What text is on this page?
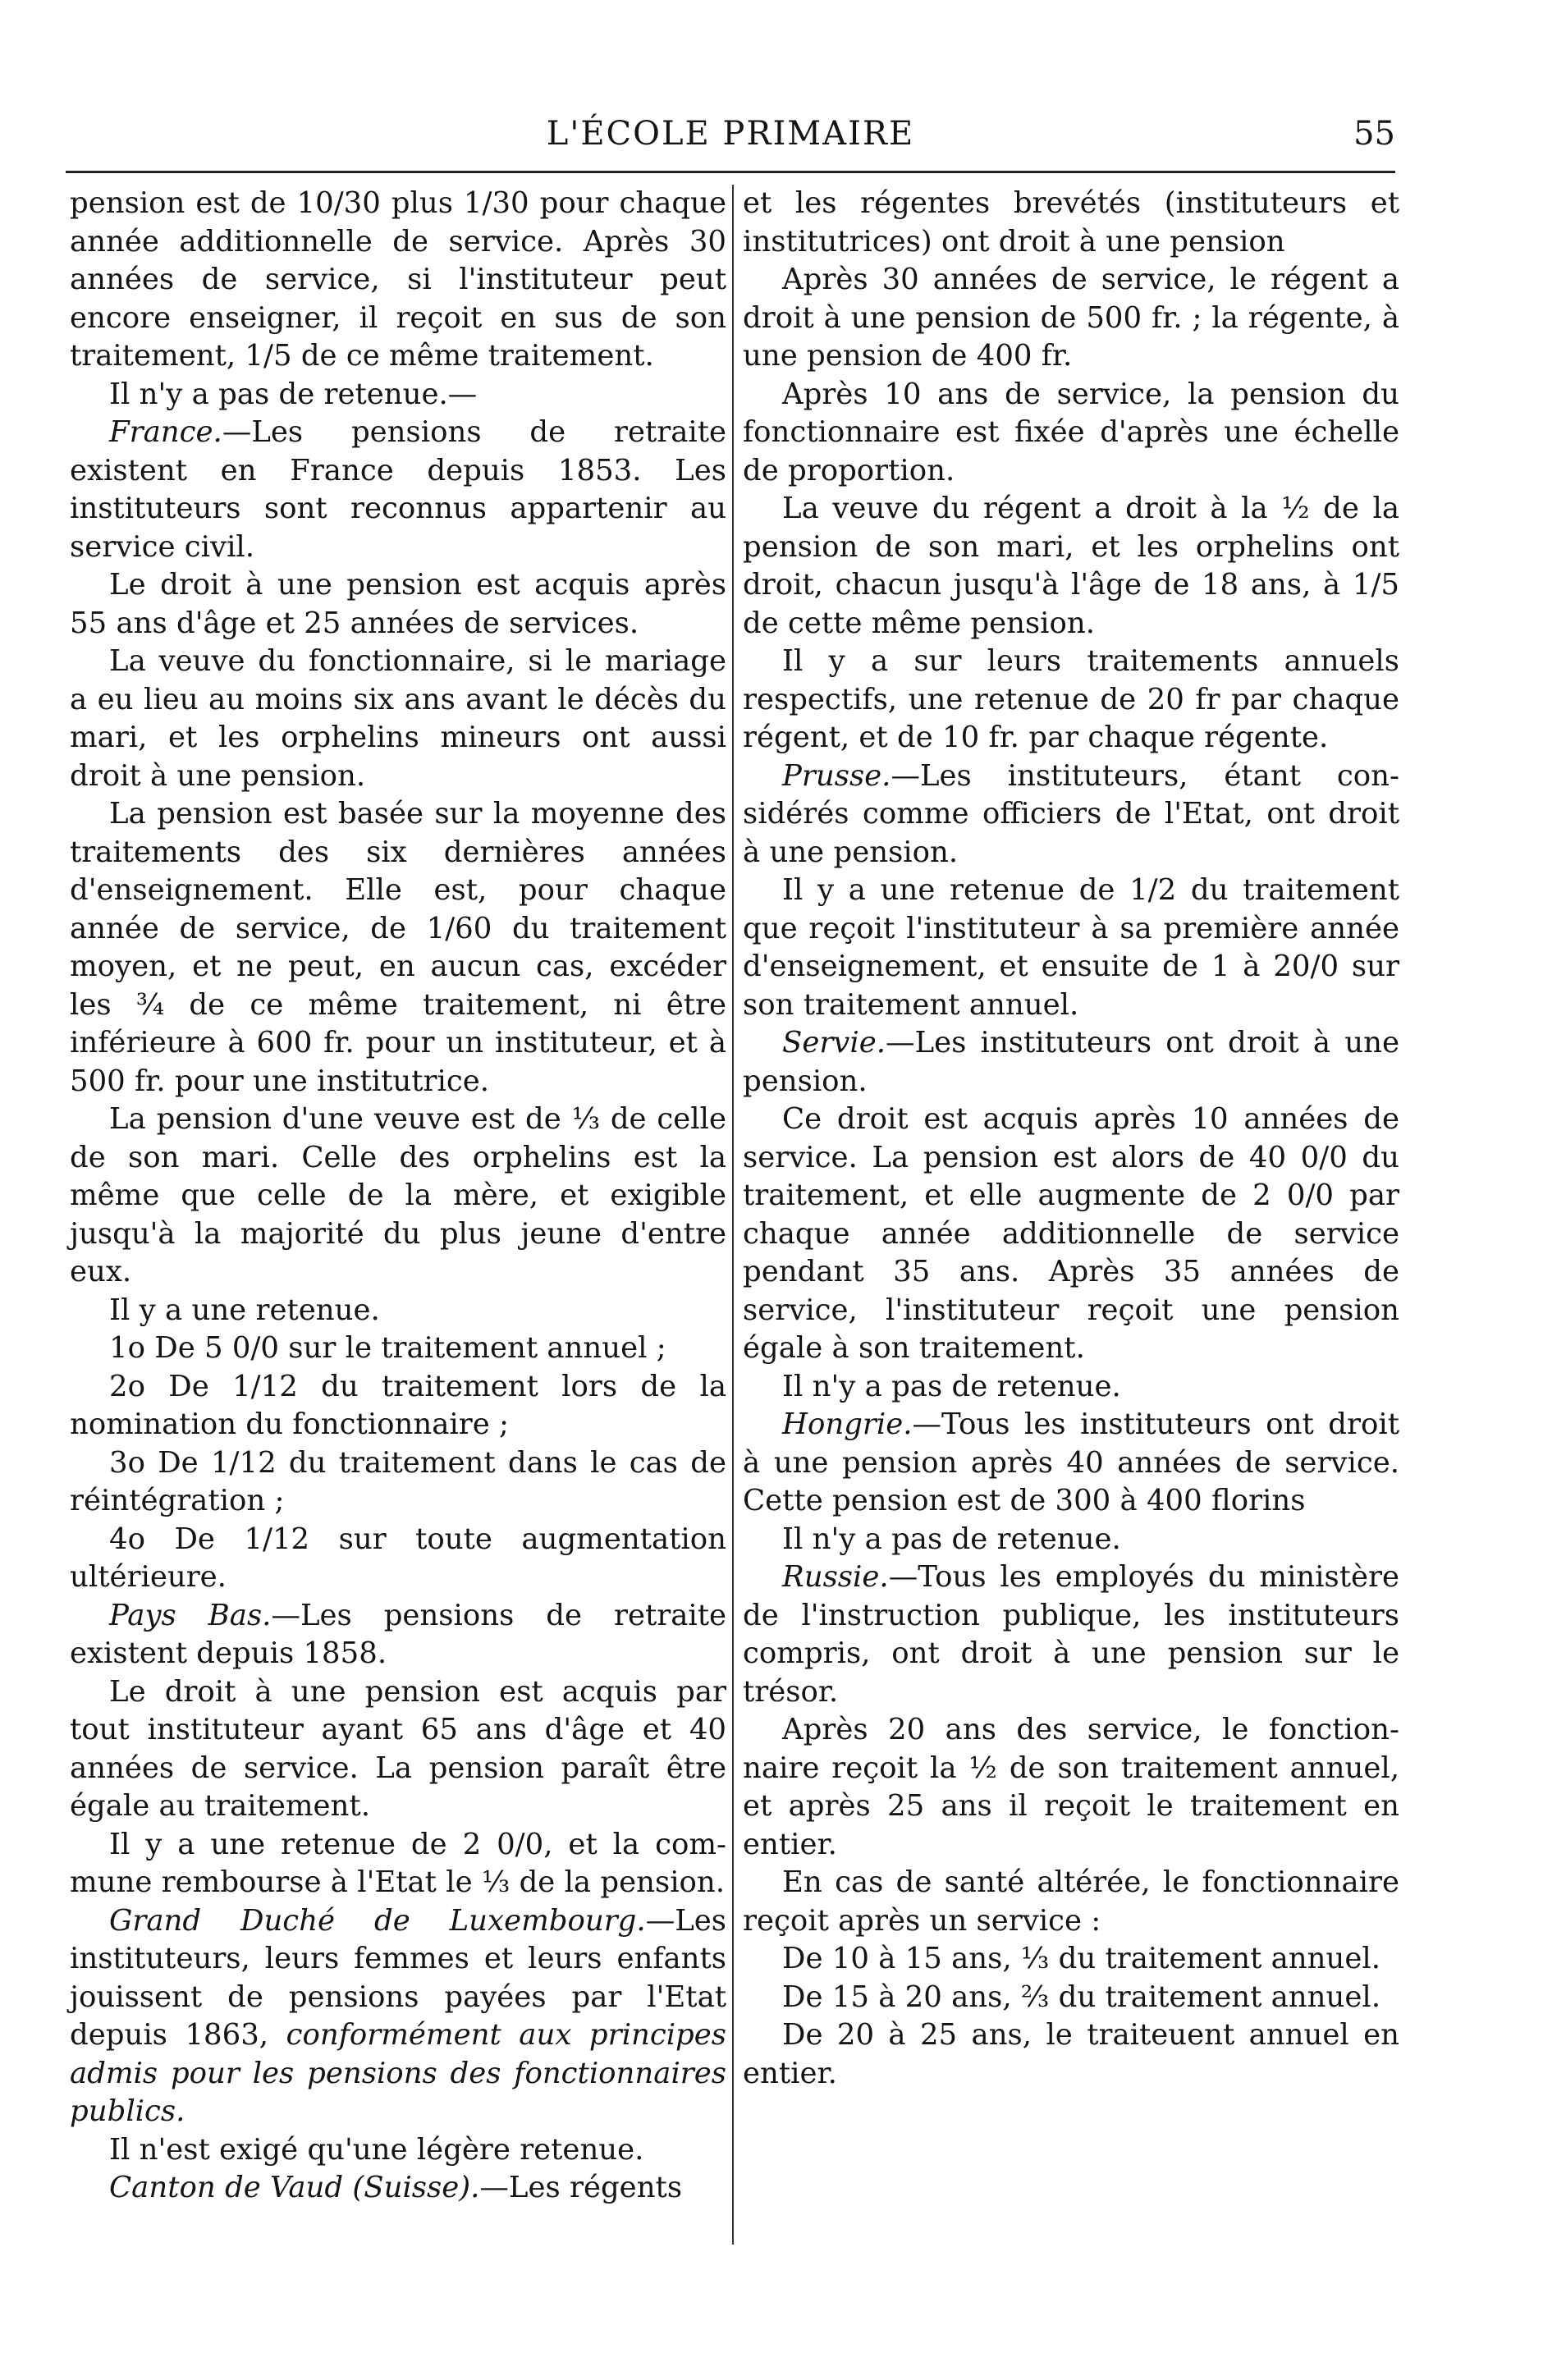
L'ÉCOLE PRIMAIRE	55

pension est de 10/30 plus 1/30 pour chaque année additionnelle de service. Après 30 années de service, si l'instituteur peut encore enseigner, il reçoit en sus de son traitement, 1/5 de ce même traitement.

Il n'y a pas de retenue.—

France.—Les pensions de retraite existent en France depuis 1853. Les instituteurs sont reconnus appartenir au service civil.

Le droit à une pension est acquis après 55 ans d'âge et 25 années de services.

La veuve du fonctionnaire, si le mariage a eu lieu au moins six ans avant le décès du mari, et les orphelins mineurs ont aussi droit à une pension.

La pension est basée sur la moyenne des traitements des six dernières années d'enseignement. Elle est, pour chaque année de service, de 1/60 du traitement moyen, et ne peut, en aucun cas, excéder les ¾ de ce même traitement, ni être inférieure à 600 fr. pour un instituteur, et à 500 fr. pour une institutrice.

La pension d'une veuve est de ⅓ de celle de son mari. Celle des orphelins est la même que celle de la mère, et exigible jusqu'à la majorité du plus jeune d'entre eux.

Il y a une retenue.

1o De 5 0/0 sur le traitement annuel ;

2o De 1/12 du traitement lors de la nomination du fonctionnaire ;

3o De 1/12 du traitement dans le cas de réintégration ;

4o De 1/12 sur toute augmentation ultérieure.

Pays Bas.—Les pensions de retraite existent depuis 1858.

Le droit à une pension est acquis par tout instituteur ayant 65 ans d'âge et 40 années de service. La pension paraît être égale au traitement.

Il y a une retenue de 2 0/0, et la commune rembourse à l'Etat le ⅓ de la pension.

Grand Duché de Luxembourg.—Les instituteurs, leurs femmes et leurs enfants jouissent de pensions payées par l'Etat depuis 1863, conformément aux principes admis pour les pensions des fonctionnaires publics.

Il n'est exigé qu'une légère retenue.

Canton de Vaud (Suisse).—Les régents

et les régentes brevétés (instituteurs et institutrices) ont droit à une pension

Après 30 années de service, le régent a droit à une pension de 500 fr. ; la régente, à une pension de 400 fr.

Après 10 ans de service, la pension du fonctionnaire est fixée d'après une échelle de proportion.

La veuve du régent a droit à la ½ de la pension de son mari, et les orphelins ont droit, chacun jusqu'à l'âge de 18 ans, à 1/5 de cette même pension.

Il y a sur leurs traitements annuels respectifs, une retenue de 20 fr par chaque régent, et de 10 fr. par chaque régente.

Prusse.—Les instituteurs, étant considérés comme officiers de l'Etat, ont droit à une pension.

Il y a une retenue de 1/2 du traitement que reçoit l'instituteur à sa première année d'enseignement, et ensuite de 1 à 20/0 sur son traitement annuel.

Servie.—Les instituteurs ont droit à une pension.

Ce droit est acquis après 10 années de service. La pension est alors de 40 0/0 du traitement, et elle augmente de 2 0/0 par chaque année additionnelle de service pendant 35 ans. Après 35 années de service, l'instituteur reçoit une pension égale à son traitement.

Il n'y a pas de retenue.

Hongrie.—Tous les instituteurs ont droit à une pension après 40 années de service. Cette pension est de 300 à 400 florins

Il n'y a pas de retenue.

Russie.—Tous les employés du ministère de l'instruction publique, les instituteurs compris, ont droit à une pension sur le trésor.

Après 20 ans des service, le fonctionnaire reçoit la ½ de son traitement annuel, et après 25 ans il reçoit le traitement en entier.

En cas de santé altérée, le fonctionnaire reçoit après un service :

De 10 à 15 ans, ⅓ du traitement annuel.

De 15 à 20 ans, ⅔ du traitement annuel.

De 20 à 25 ans, le traiteuent annuel en entier.
